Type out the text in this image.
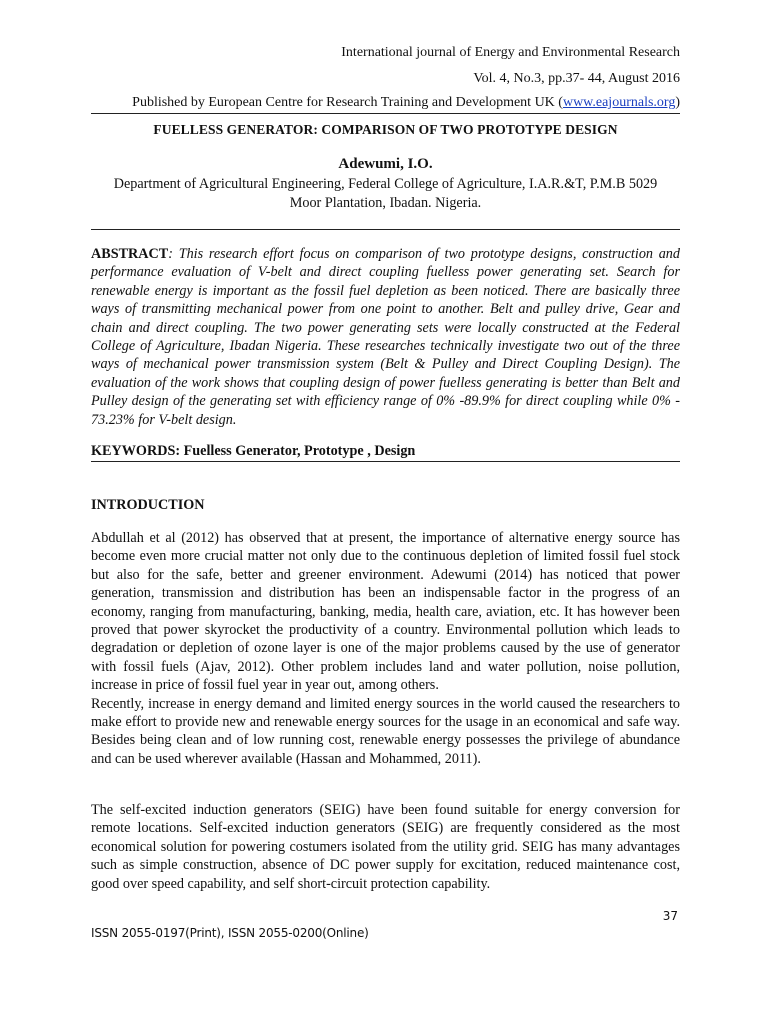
International journal of Energy and Environmental Research
Vol. 4, No.3, pp.37- 44, August 2016
Published by European Centre for Research Training and Development UK (www.eajournals.org)
FUELLESS GENERATOR: COMPARISON OF TWO PROTOTYPE DESIGN
Adewumi, I.O.
Department of Agricultural Engineering, Federal College of Agriculture, I.A.R.&T, P.M.B 5029
Moor Plantation, Ibadan. Nigeria.
ABSTRACT: This research effort focus on comparison of two prototype designs, construction and performance evaluation of V-belt and direct coupling fuelless power generating set. Search for renewable energy is important as the fossil fuel depletion as been noticed. There are basically three ways of transmitting mechanical power from one point to another. Belt and pulley drive, Gear and chain and direct coupling. The two power generating sets were locally constructed at the Federal College of Agriculture, Ibadan Nigeria. These researches technically investigate two out of the three ways of mechanical power transmission system (Belt & Pulley and Direct Coupling Design). The evaluation of the work shows that coupling design of power fuelless generating is better than Belt and Pulley design of the generating set with efficiency range of 0% -89.9% for direct coupling while 0% - 73.23% for V-belt design.
KEYWORDS: Fuelless Generator, Prototype , Design
INTRODUCTION
Abdullah et al (2012) has observed that at present, the importance of alternative energy source has become even more crucial matter not only due to the continuous depletion of limited fossil fuel stock but also for the safe, better and greener environment. Adewumi (2014) has noticed that power generation, transmission and distribution has been an indispensable factor in the progress of an economy, ranging from manufacturing, banking, media, health care, aviation, etc. It has however been proved that power skyrocket the productivity of a country. Environmental pollution which leads to degradation or depletion of ozone layer is one of the major problems caused by the use of generator with fossil fuels (Ajav, 2012). Other problem includes land and water pollution, noise pollution, increase in price of fossil fuel year in year out, among others.
Recently, increase in energy demand and limited energy sources in the world caused the researchers to make effort to provide new and renewable energy sources for the usage in an economical and safe way. Besides being clean and of low running cost, renewable energy possesses the privilege of abundance and can be used wherever available (Hassan and Mohammed, 2011).
The self-excited induction generators (SEIG) have been found suitable for energy conversion for remote locations. Self-excited induction generators (SEIG) are frequently considered as the most economical solution for powering costumers isolated from the utility grid. SEIG has many advantages such as simple construction, absence of DC power supply for excitation, reduced maintenance cost, good over speed capability, and self short-circuit protection capability.
37
ISSN 2055-0197(Print), ISSN 2055-0200(Online)
